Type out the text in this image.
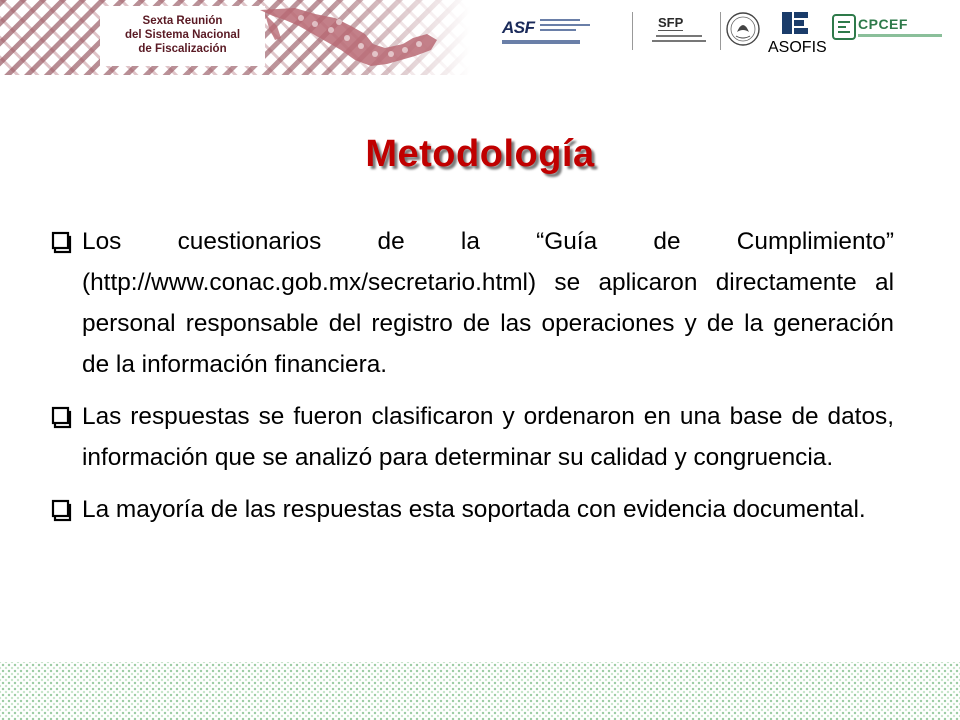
Sexta Reunión
del Sistema Nacional
de Fiscalización
ASF	SFP
ASOFIS
CPCEF
Metodología
Los cuestionarios de la “Guía de Cumplimiento” (http://www.conac.gob.mx/secretario.html) se aplicaron directamente al personal responsable del registro de las operaciones y de la generación de la información financiera.
Las respuestas se fueron clasificaron y ordenaron en una base de datos, información que se analizó para determinar su calidad y congruencia.
La mayoría de las respuestas esta soportada con evidencia documental.
